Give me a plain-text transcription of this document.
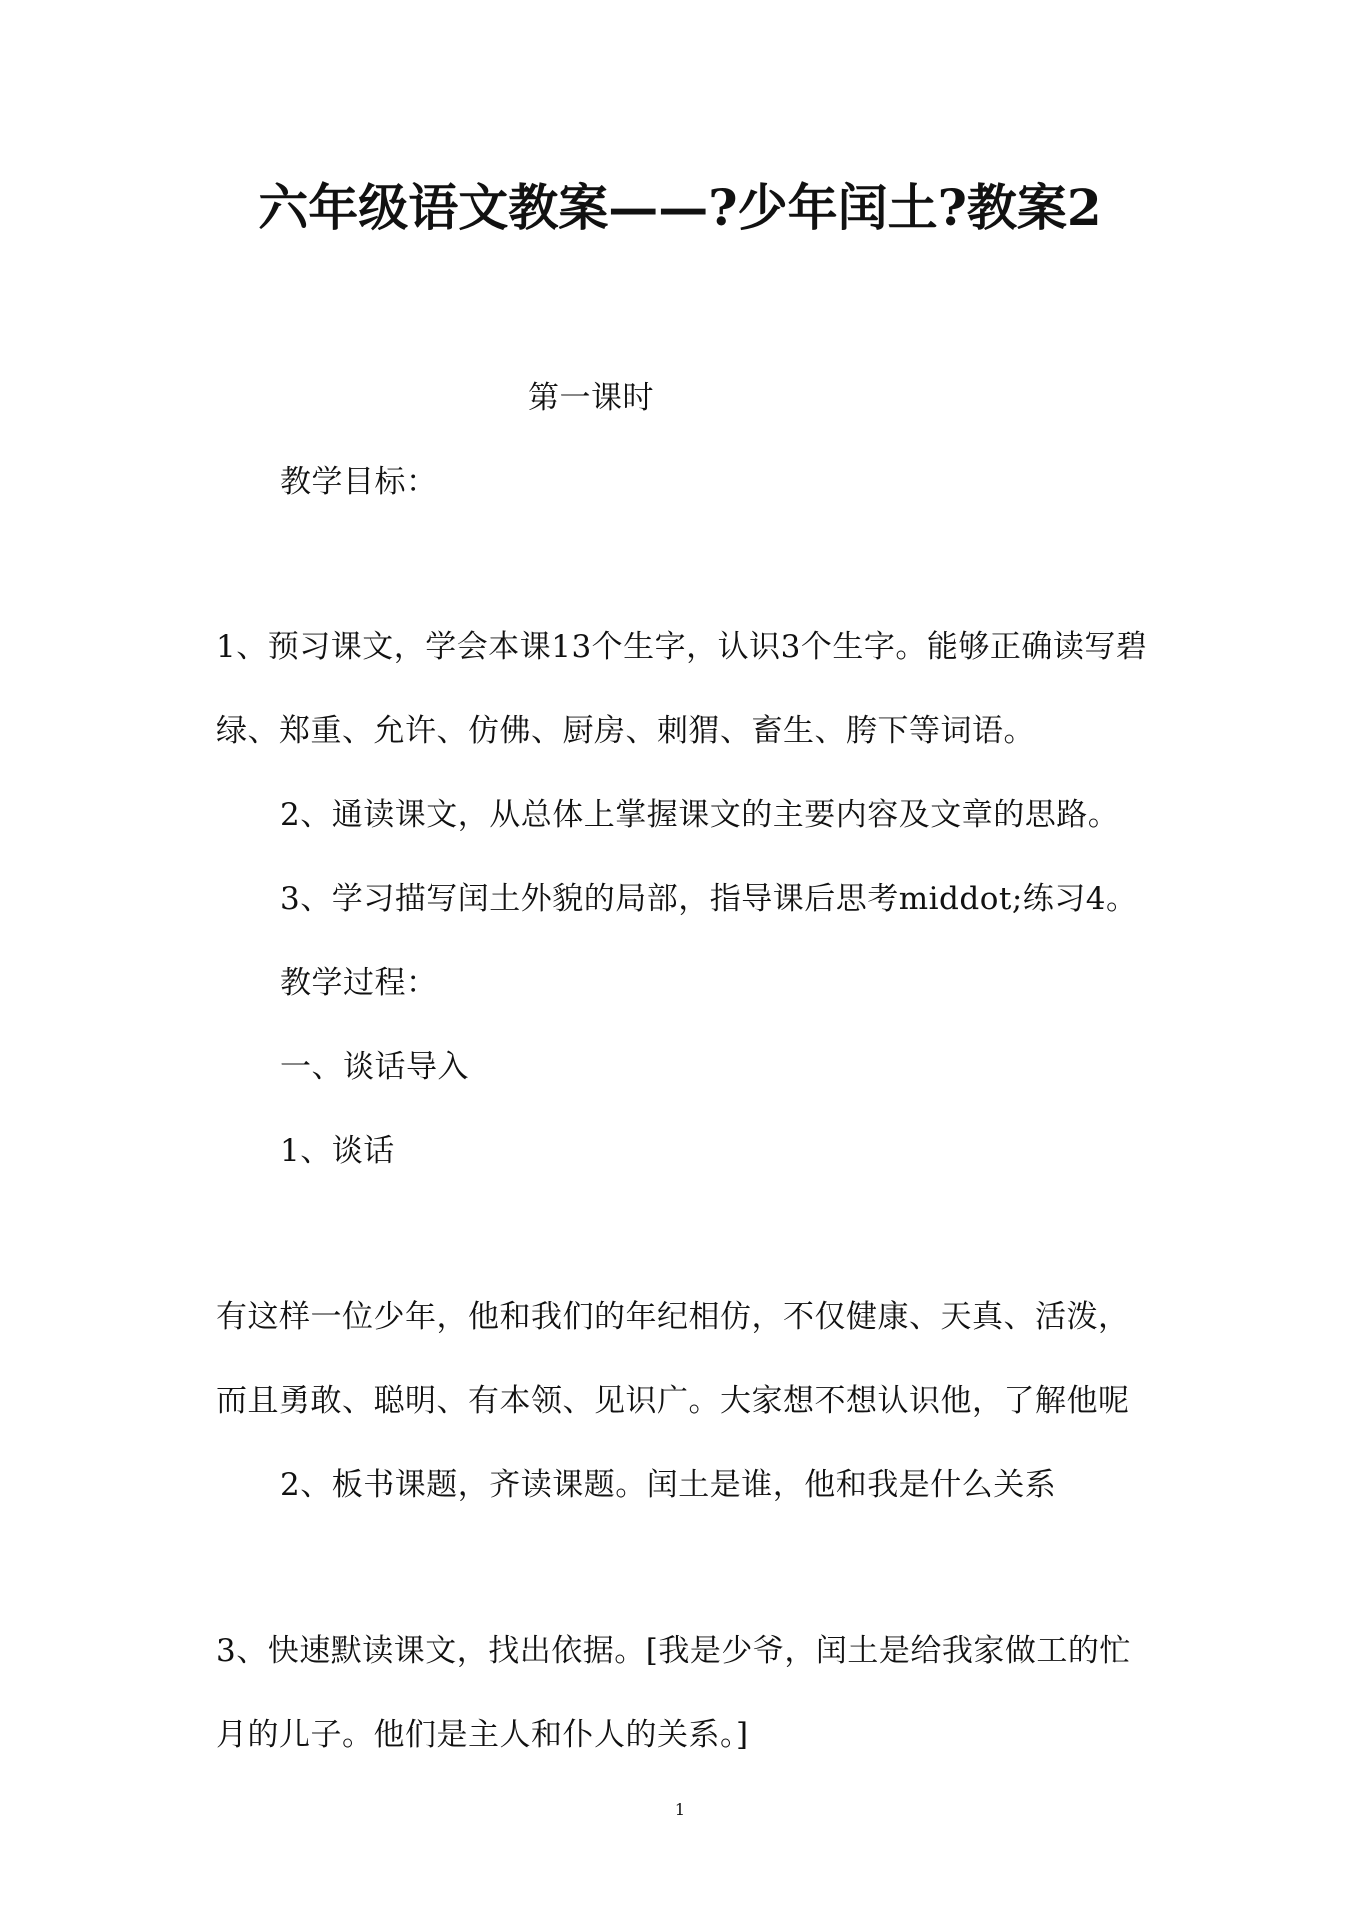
六年级语文教案——?少年闰土?教案2
第一课时
教学目标：
1、预习课文，学会本课13个生字，认识3个生字。能够正确读写碧
绿、郑重、允许、仿佛、厨房、刺猬、畜生、胯下等词语。
2、通读课文，从总体上掌握课文的主要内容及文章的思路。
3、学习描写闰土外貌的局部，指导课后思考middot;练习4。
教学过程：
一、谈话导入
1、谈话
有这样一位少年，他和我们的年纪相仿，不仅健康、天真、活泼，
而且勇敢、聪明、有本领、见识广。大家想不想认识他，了解他呢
2、板书课题，齐读课题。闰土是谁，他和我是什么关系
3、快速默读课文，找出依据。[我是少爷，闰土是给我家做工的忙
月的儿子。他们是主人和仆人的关系。]
1
